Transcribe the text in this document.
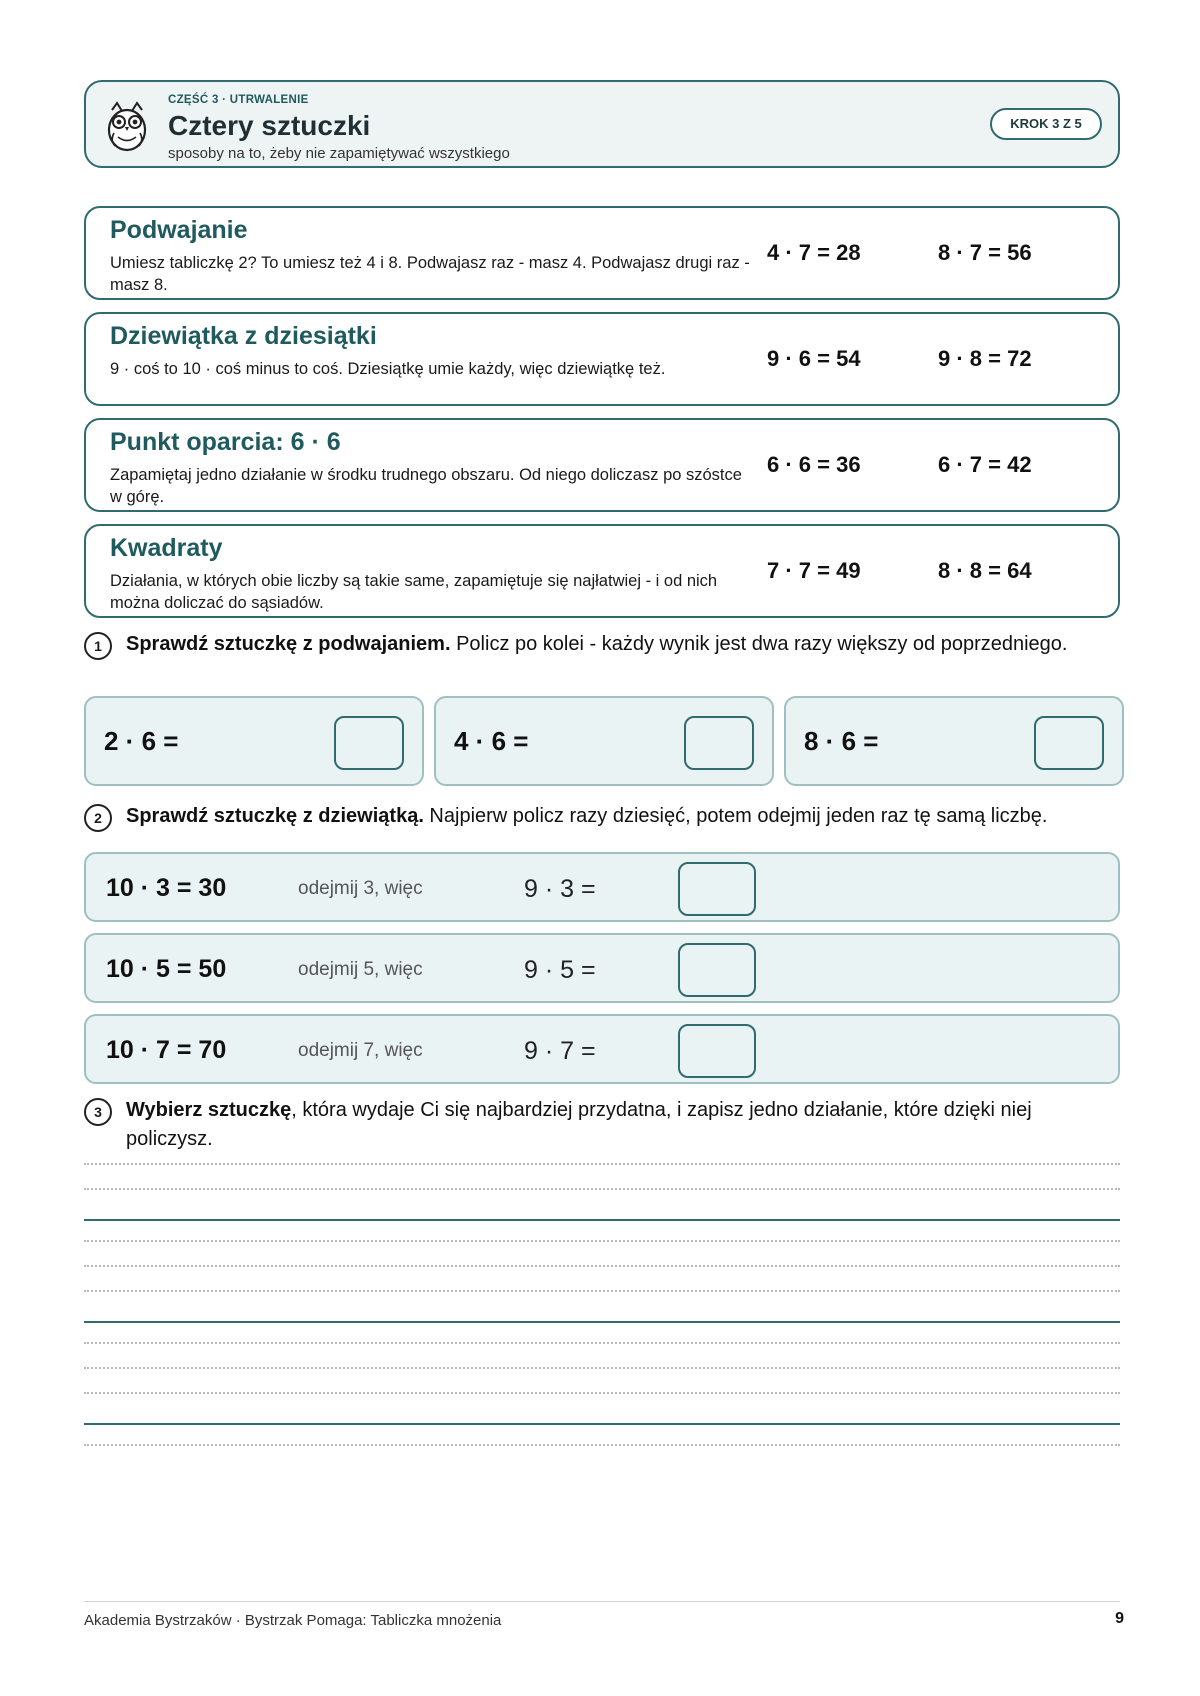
CZĘŚĆ 3 · UTRWALENIE
Cztery sztuczki
sposoby na to, żeby nie zapamiętywać wszystkiego
KROK 3 Z 5
Podwajanie
Umiesz tabliczkę 2? To umiesz też 4 i 8. Podwajasz raz - masz 4. Podwajasz drugi raz - masz 8.
4 · 7 = 28	8 · 7 = 56
Dziewiątka z dziesiątki
9 · coś to 10 · coś minus to coś. Dziesiątkę umie każdy, więc dziewiątkę też.	9 · 6 = 54	9 · 8 = 72
Punkt oparcia: 6 · 6
Zapamiętaj jedno działanie w środku trudnego obszaru. Od niego doliczasz po szóstce w górę.
6 · 6 = 36	6 · 7 = 42
Kwadraty
Działania, w których obie liczby są takie same, zapamiętuje się najłatwiej - i od nich można doliczać do sąsiadów.
7 · 7 = 49	8 · 8 = 64
1	Sprawdź sztuczkę z podwajaniem. Policz po kolei - każdy wynik jest dwa razy większy od poprzedniego.
2 · 6 =	4 · 6 =	8 · 6 =
2	Sprawdź sztuczkę z dziewiątką. Najpierw policz razy dziesięć, potem odejmij jeden raz tę samą liczbę.
10 · 3 = 30	odejmij 3, więc	9 · 3 =
10 · 5 = 50	odejmij 5, więc	9 · 5 =
10 · 7 = 70	odejmij 7, więc	9 · 7 =
3	Wybierz sztuczkę, która wydaje Ci się najbardziej przydatna, i zapisz jedno działanie, które dzięki niej policzysz.
Akademia Bystrzaków · Bystrzak Pomaga: Tabliczka mnożenia	9
